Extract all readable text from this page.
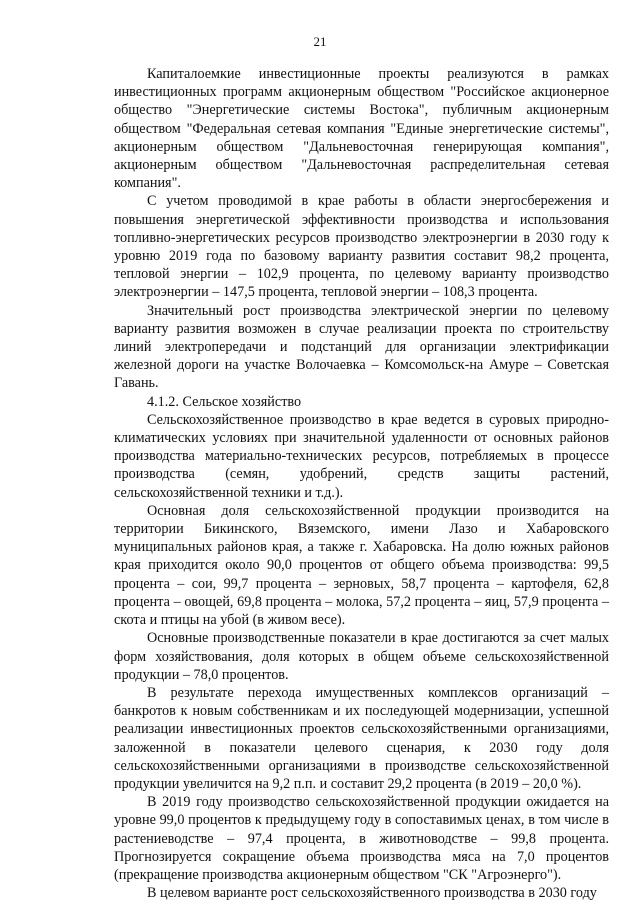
21

Капиталоемкие инвестиционные проекты реализуются в рамках инвестиционных программ акционерным обществом "Российское акционерное общество "Энергетические системы Востока", публичным акционерным обществом "Федеральная сетевая компания "Единые энергетические системы", акционерным обществом "Дальневосточная генерирующая компания", акционерным обществом "Дальневосточная распределительная сетевая компания".

С учетом проводимой в крае работы в области энергосбережения и повышения энергетической эффективности производства и использования топливно-энергетических ресурсов производство электроэнергии в 2030 году к уровню 2019 года по базовому варианту развития составит 98,2 процента, тепловой энергии – 102,9 процента, по целевому варианту производство электроэнергии – 147,5 процента, тепловой энергии – 108,3 процента.

Значительный рост производства электрической энергии по целевому варианту развития возможен в случае реализации проекта по строительству линий электропередачи и подстанций для организации электрификации железной дороги на участке Волочаевка – Комсомольск-на Амуре – Советская Гавань.

4.1.2. Сельское хозяйство

Сельскохозяйственное производство в крае ведется в суровых природно-климатических условиях при значительной удаленности от основных районов производства материально-технических ресурсов, потребляемых в процессе производства (семян, удобрений, средств защиты растений, сельскохозяйственной техники и т.д.).

Основная доля сельскохозяйственной продукции производится на территории Бикинского, Вяземского, имени Лазо и Хабаровского муниципальных районов края, а также г. Хабаровска. На долю южных районов края приходится около 90,0 процентов от общего объема производства: 99,5 процента – сои, 99,7 процента – зерновых, 58,7 процента – картофеля, 62,8 процента – овощей, 69,8 процента – молока, 57,2 процента – яиц, 57,9 процента – скота и птицы на убой (в живом весе).

Основные производственные показатели в крае достигаются за счет малых форм хозяйствования, доля которых в общем объеме сельскохозяйственной продукции – 78,0 процентов.

В результате перехода имущественных комплексов организаций – банкротов к новым собственникам и их последующей модернизации, успешной реализации инвестиционных проектов сельскохозяйственными организациями, заложенной в показатели целевого сценария, к 2030 году доля сельскохозяйственными организациями в производстве сельскохозяйственной продукции увеличится на 9,2 п.п. и составит 29,2 процента (в 2019 – 20,0 %).

В 2019 году производство сельскохозяйственной продукции ожидается на уровне 99,0 процентов к предыдущему году в сопоставимых ценах, в том числе в растениеводстве – 97,4 процента, в животноводстве – 99,8 процента. Прогнозируется сокращение объема производства мяса на 7,0 процентов (прекращение производства акционерным обществом "СК "Агроэнерго").

В целевом варианте рост сельскохозяйственного производства в 2030 году
